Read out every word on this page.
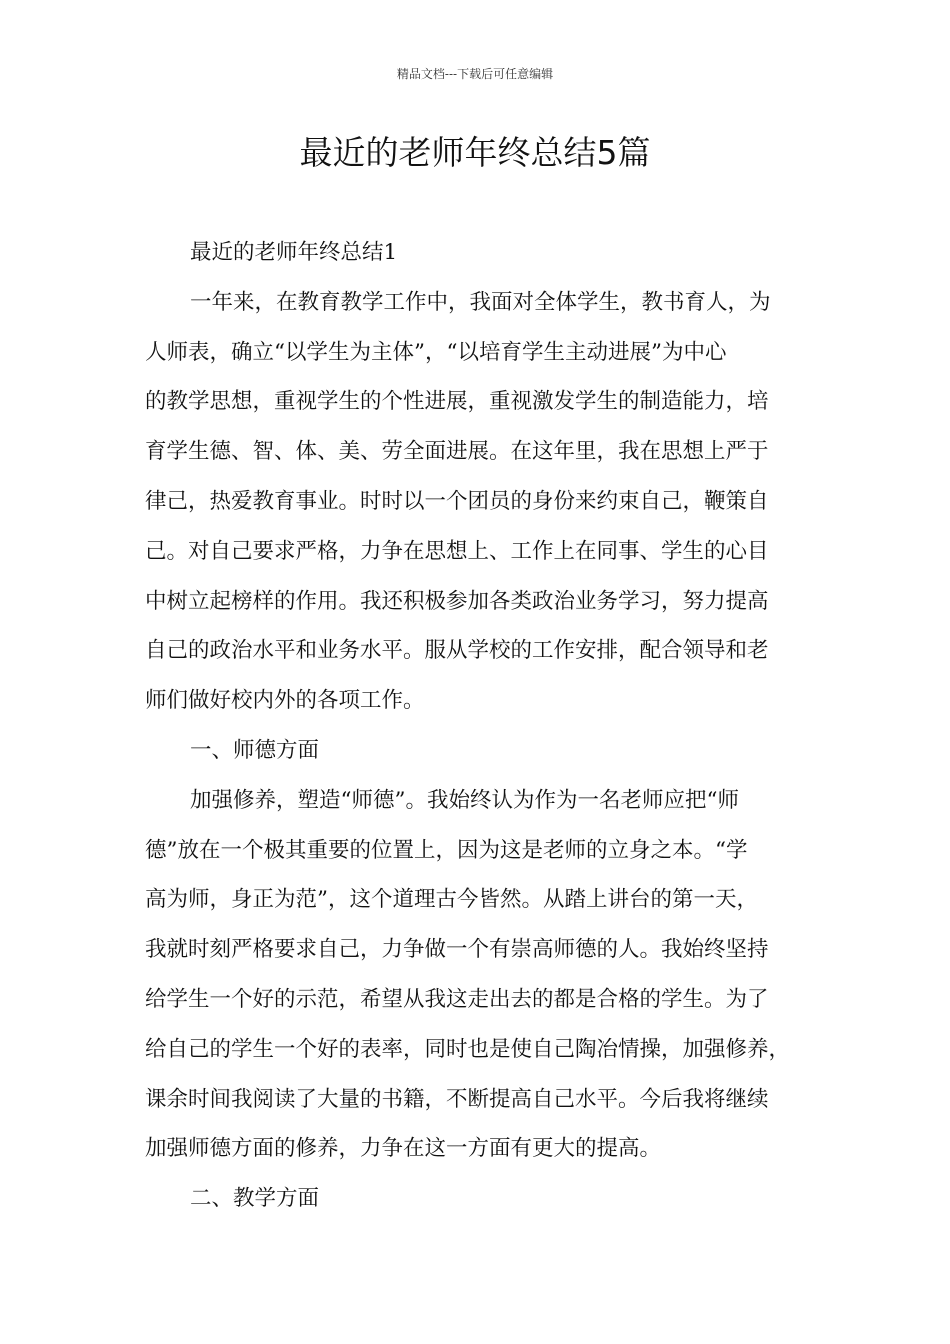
精品文档---下载后可任意编辑
最近的老师年终总结5篇
最近的老师年终总结1
一年来，在教育教学工作中，我面对全体学生，教书育人，为
人师表，确立“以学生为主体”，“以培育学生主动进展”为中心
的教学思想，重视学生的个性进展，重视激发学生的制造能力，培
育学生德、智、体、美、劳全面进展。在这年里，我在思想上严于
律己，热爱教育事业。时时以一个团员的身份来约束自己，鞭策自
己。对自己要求严格，力争在思想上、工作上在同事、学生的心目
中树立起榜样的作用。我还积极参加各类政治业务学习，努力提高
自己的政治水平和业务水平。服从学校的工作安排，配合领导和老
师们做好校内外的各项工作。
一、师德方面
加强修养，塑造“师德”。我始终认为作为一名老师应把“师
德”放在一个极其重要的位置上，因为这是老师的立身之本。“学
高为师，身正为范”，这个道理古今皆然。从踏上讲台的第一天，
我就时刻严格要求自己，力争做一个有崇高师德的人。我始终坚持
给学生一个好的示范，希望从我这走出去的都是合格的学生。为了
给自己的学生一个好的表率，同时也是使自己陶冶情操，加强修养，
课余时间我阅读了大量的书籍，不断提高自己水平。今后我将继续
加强师德方面的修养，力争在这一方面有更大的提高。
二、教学方面
